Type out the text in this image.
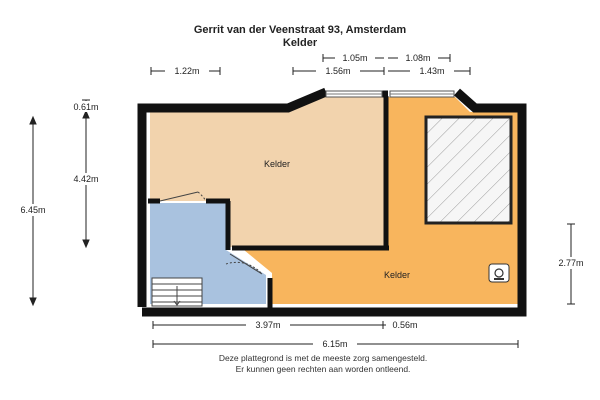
Gerrit van der Veenstraat 93, Amsterdam
Kelder
Kelder
Kelder
1.22m	1.56m
1.05m	1.08m
1.43m
6.45m
0.61m
4.42m
2.77m
3.97m	0.56m
6.15m
Deze plattegrond is met de meeste zorg samengesteld.
Er kunnen geen rechten aan worden ontleend.
